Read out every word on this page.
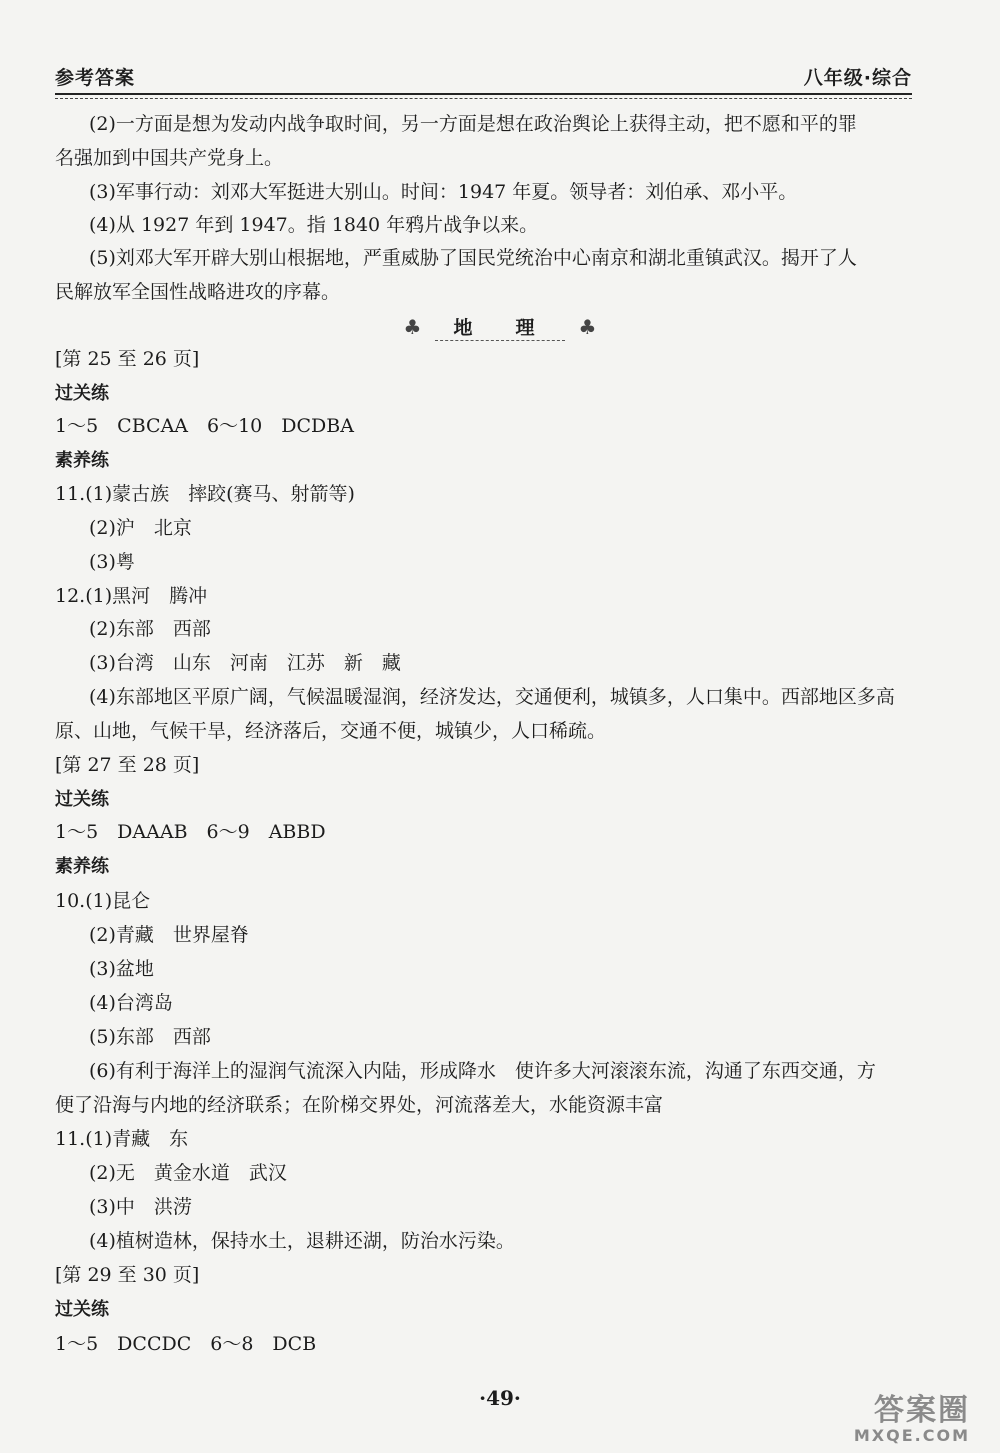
参考答案	八年级·综合
(2)一方面是想为发动内战争取时间，另一方面是想在政治舆论上获得主动，把不愿和平的罪
名强加到中国共产党身上。
(3)军事行动：刘邓大军挺进大别山。时间：1947 年夏。领导者：刘伯承、邓小平。
(4)从 1927 年到 1947。指 1840 年鸦片战争以来。
(5)刘邓大军开辟大别山根据地，严重威胁了国民党统治中心南京和湖北重镇武汉。揭开了人
民解放军全国性战略进攻的序幕。
♣	地　理	♣
[第 25 至 26 页]
过关练
1～5　CBCAA　6～10　DCDBA
素养练
11.(1)蒙古族　摔跤(赛马、射箭等)
(2)沪　北京
(3)粤
12.(1)黑河　腾冲
(2)东部　西部
(3)台湾　山东　河南　江苏　新　藏
(4)东部地区平原广阔，气候温暖湿润，经济发达，交通便利，城镇多，人口集中。西部地区多高
原、山地，气候干旱，经济落后，交通不便，城镇少，人口稀疏。
[第 27 至 28 页]
过关练
1～5　DAAAB　6～9　ABBD
素养练
10.(1)昆仑
(2)青藏　世界屋脊
(3)盆地
(4)台湾岛
(5)东部　西部
(6)有利于海洋上的湿润气流深入内陆，形成降水　使许多大河滚滚东流，沟通了东西交通，方
便了沿海与内地的经济联系；在阶梯交界处，河流落差大，水能资源丰富
11.(1)青藏　东
(2)无　黄金水道　武汉
(3)中　洪涝
(4)植树造林，保持水土，退耕还湖，防治水污染。
[第 29 至 30 页]
过关练
1～5　DCCDC　6～8　DCB
·49·	答案圈
MXQE.COM
